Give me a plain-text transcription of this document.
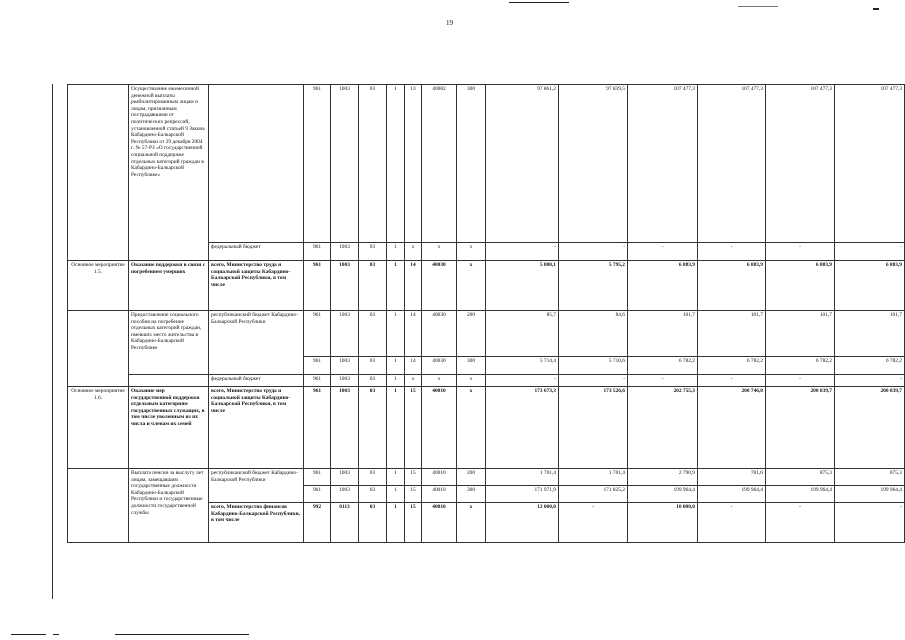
19
	Осуществление ежемесячной денежной выплаты реабилитированным лицам и лицам, признанным пострадавшими от политических репрессий, установленной статьей 9 Закона Кабардино-Балкарской Республики от 29 декабря 2004 г. № 57-РЗ «О государственной социальной поддержке отдельных категорий граждан в Кабардино-Балкарской Республике»		961	1003	03	1	13	40082	300	97 861,2	97 839,5	107 477,3	107 477,3	107 477,3	107 477,3
		федеральный бюджет	961	1003	03	1	х	х	х	-	-	-	-	-	-
Основное мероприятие 1.5.	Оказание поддержки в связи с погребением умерших	всего, Министерство труда и социальной защиты Кабардино-Балкарской Республики, в том числе	961	1003	03	1	14	40030	х	5 800,1	5 795,2	6 883,9	6 883,9	6 883,9	6 883,9
	Предоставление социального пособия на погребение отдельных категорий граждан, имевших место жительства в Кабардино-Балкарской Республике	республиканский бюджет Кабардино-Балкарской Республики	961	1003	03	1	14	40030	200	85,7	84,6	101,7	101,7	101,7	101,7
			961	1003	03	1	14	40030	300	5 714,4	5 710,6	6 782,2	6 782,2	6 782,2	6 782,2
		федеральный бюджет	961	1003	03	1	х	х	х	-	-	-	-	-	-
Основное мероприятие 1.6.	Оказание мер государственной поддержки отдельным категориям государственных служащих, в том числе уволенным из их числа и членам их семей	всего, Министерство труда и социальной защиты Кабардино-Балкарской Республики, в том числе	961	1003	03	1	15	40010	х	173 673,3	173 526,6	202 755,3	200 746,0	200 839,7	200 839,7
	Выплата пенсии за выслугу лет лицам, замещавшим государственные должности Кабардино-Балкарской Республики и государственные должности государственной службы	республиканский бюджет Кабардино-Балкарской Республики	961	1003	03	1	15	40010	200	1 701,4	1 701,4	2 790,9	781,6	875,3	875,3
			961	1003	03	1	15	40010	300	171 971,9	171 825,2	199 964,4	199 964,4	199 964,4	199 964,4
		всего, Министерство финансов Кабардино-Балкарской Республики, в том числе	992	0113	03	1	15	40010	х	12 000,0	-	10 000,0	-	-	-
